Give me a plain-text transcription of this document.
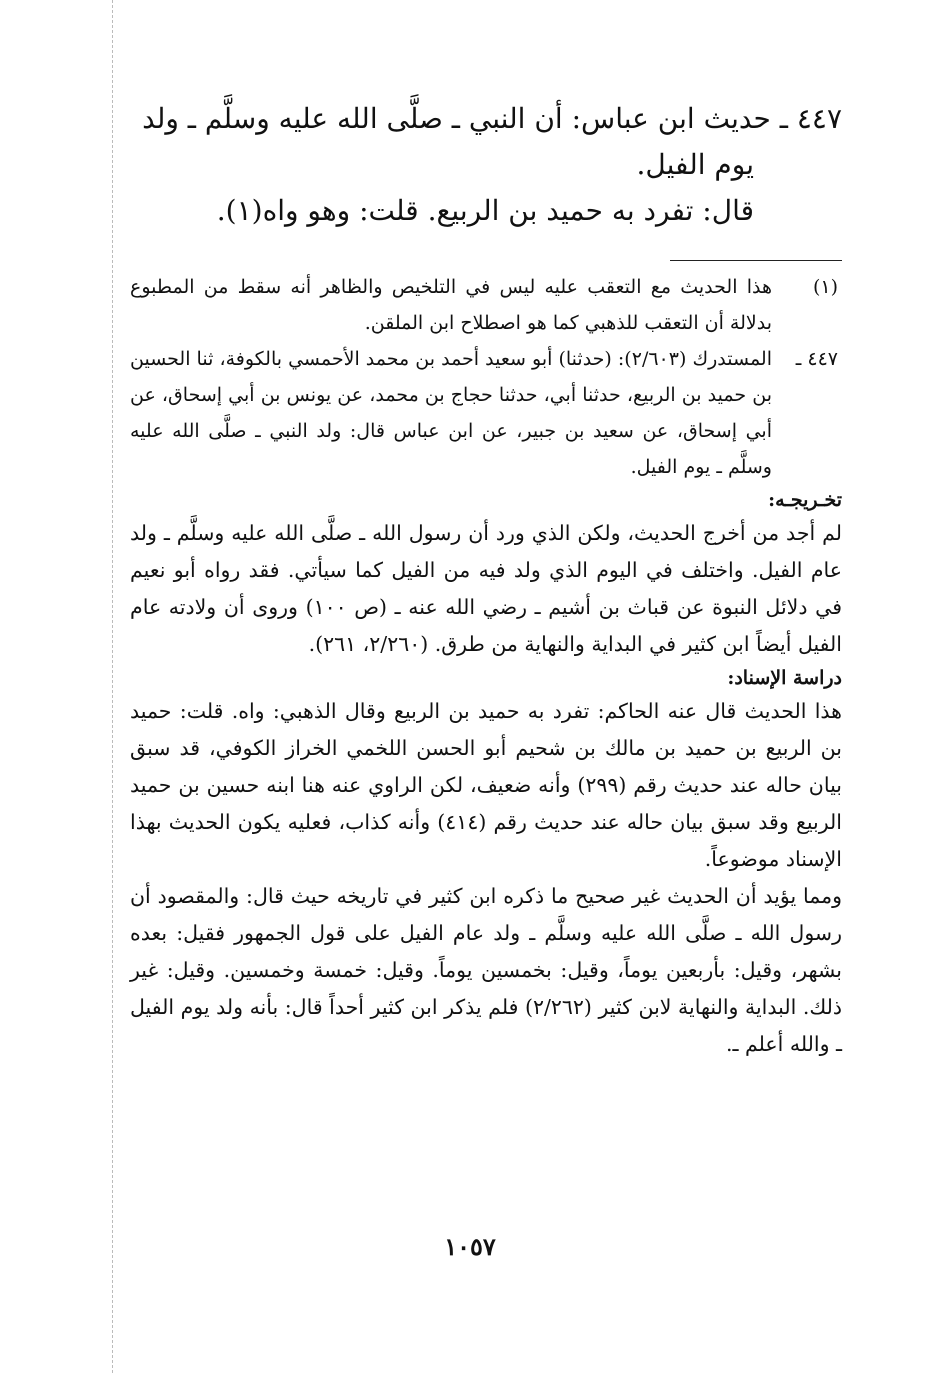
٤٤٧ ـ حديث ابن عباس: أن النبي ـ صلَّى الله عليه وسلَّم ـ ولد
يوم الفيل.
قال: تفرد به حميد بن الربيع. قلت: وهو واه(١).
(١)
هذا الحديث مع التعقب عليه ليس في التلخيص والظاهر أنه سقط من المطبوع بدلالة أن التعقب للذهبي كما هو اصطلاح ابن الملقن.
٤٤٧ ـ
المستدرك (٢/٦٠٣): (حدثنا) أبو سعيد أحمد بن محمد الأحمسي بالكوفة، ثنا الحسين بن حميد بن الربيع، حدثنا أبي، حدثنا حجاج بن محمد، عن يونس بن أبي إسحاق، عن أبي إسحاق، عن سعيد بن جبير، عن ابن عباس قال: ولد النبي ـ صلَّى الله عليه وسلَّم ـ يوم الفيل.
تخـريجـه:
لم أجد من أخرج الحديث، ولكن الذي ورد أن رسول الله ـ صلَّى الله عليه وسلَّم ـ ولد عام الفيل. واختلف في اليوم الذي ولد فيه من الفيل كما سيأتي. فقد رواه أبو نعيم في دلائل النبوة عن قباث بن أشيم ـ رضي الله عنه ـ (ص ١٠٠) وروى أن ولادته عام الفيل أيضاً ابن كثير في البداية والنهاية من طرق. (٢/٢٦٠، ٢٦١).
دراسة الإسناد:
هذا الحديث قال عنه الحاكم: تفرد به حميد بن الربيع وقال الذهبي: واه. قلت: حميد بن الربيع بن حميد بن مالك بن شحيم أبو الحسن اللخمي الخراز الكوفي، قد سبق بيان حاله عند حديث رقم (٢٩٩) وأنه ضعيف، لكن الراوي عنه هنا ابنه حسين بن حميد الربيع وقد سبق بيان حاله عند حديث رقم (٤١٤) وأنه كذاب، فعليه يكون الحديث بهذا الإسناد موضوعاً.
ومما يؤيد أن الحديث غير صحيح ما ذكره ابن كثير في تاريخه حيث قال: والمقصود أن رسول الله ـ صلَّى الله عليه وسلَّم ـ ولد عام الفيل على قول الجمهور فقيل: بعده بشهر، وقيل: بأربعين يوماً، وقيل: بخمسين يوماً. وقيل: خمسة وخمسين. وقيل: غير ذلك. البداية والنهاية لابن كثير (٢/٢٦٢) فلم يذكر ابن كثير أحداً قال: بأنه ولد يوم الفيل ـ والله أعلم ـ.
١٠٥٧
